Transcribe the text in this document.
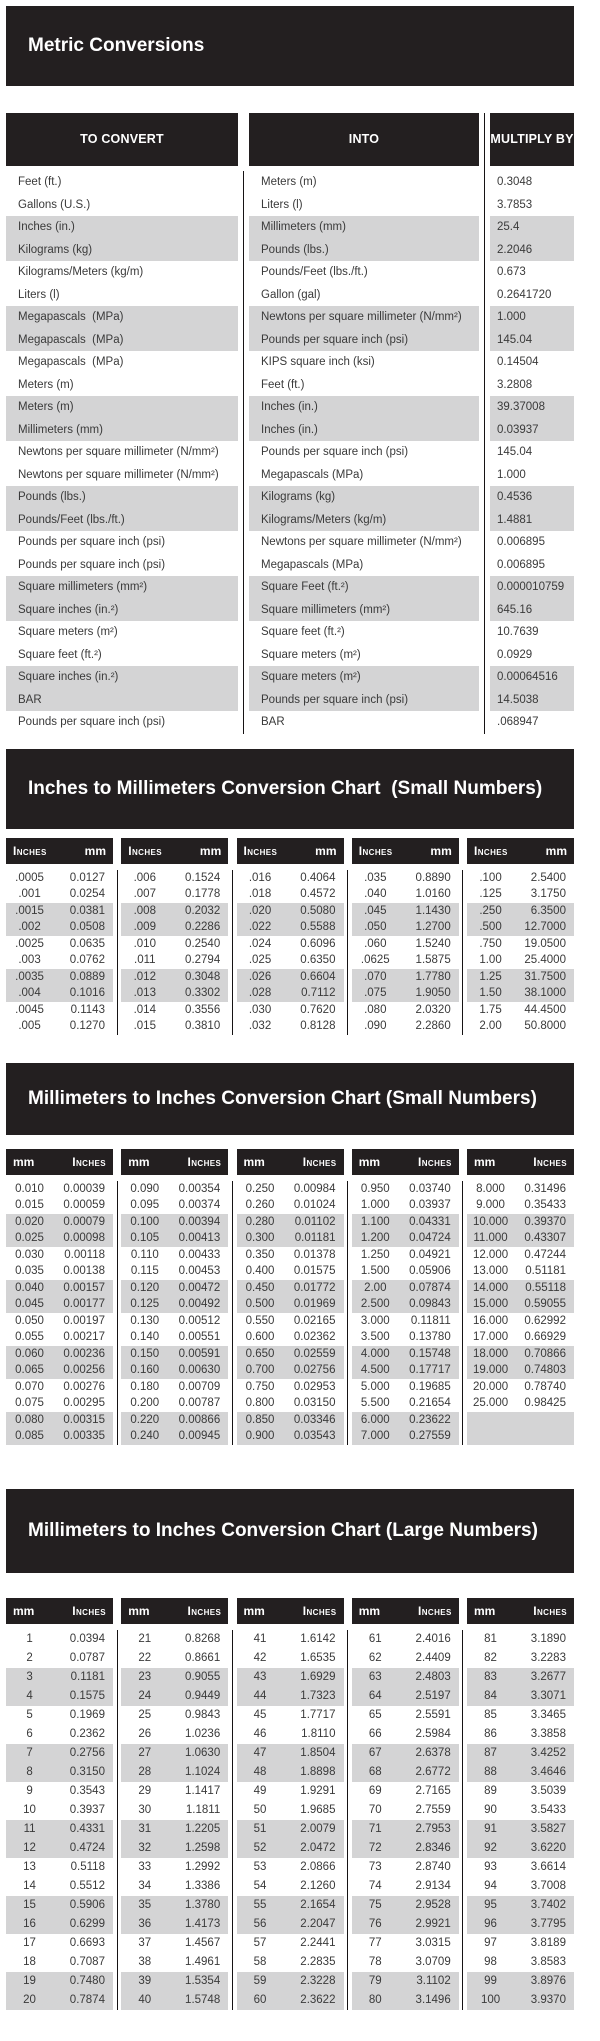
Metric Conversions
TO CONVERT	INTO	MULTIPLY BY
Feet (ft.)	Meters (m)	0.3048
Gallons (U.S.)	Liters (l)	3.7853
Inches (in.)	Millimeters (mm)	25.4
Kilograms (kg)	Pounds (lbs.)	2.2046
Kilograms/Meters (kg/m)	Pounds/Feet (lbs./ft.)	0.673
Liters (l)	Gallon (gal)	0.2641720
Megapascals  (MPa)	Newtons per square millimeter (N/mm²)	1.000
Megapascals  (MPa)	Pounds per square inch (psi)	145.04
Megapascals  (MPa)	KIPS square inch (ksi)	0.14504
Meters (m)	Feet (ft.)	3.2808
Meters (m)	Inches (in.)	39.37008
Millimeters (mm)	Inches (in.)	0.03937
Newtons per square millimeter (N/mm²)	Pounds per square inch (psi)	145.04
Newtons per square millimeter (N/mm²)	Megapascals (MPa)	1.000
Pounds (lbs.)	Kilograms (kg)	0.4536
Pounds/Feet (lbs./ft.)	Kilograms/Meters (kg/m)	1.4881
Pounds per square inch (psi)	Newtons per square millimeter (N/mm²)	0.006895
Pounds per square inch (psi)	Megapascals (MPa)	0.006895
Square millimeters (mm²)	Square Feet (ft.²)	0.000010759
Square inches (in.²)	Square millimeters (mm²)	645.16
Square meters (m²)	Square feet (ft.²)	10.7639
Square feet (ft.²)	Square meters (m²)	0.0929
Square inches (in.²)	Square meters (m²)	0.00064516
BAR	Pounds per square inch (psi)	14.5038
Pounds per square inch (psi)	BAR	.068947
Inches to Millimeters Conversion Chart  (Small Numbers)
Inches	mm
.0005	0.0127
.001	0.0254
.0015	0.0381
.002	0.0508
.0025	0.0635
.003	0.0762
.0035	0.0889
.004	0.1016
.0045	0.1143
.005	0.1270
Inches	mm
.006	0.1524
.007	0.1778
.008	0.2032
.009	0.2286
.010	0.2540
.011	0.2794
.012	0.3048
.013	0.3302
.014	0.3556
.015	0.3810
Inches	mm
.016	0.4064
.018	0.4572
.020	0.5080
.022	0.5588
.024	0.6096
.025	0.6350
.026	0.6604
.028	0.7112
.030	0.7620
.032	0.8128
Inches	mm
.035	0.8890
.040	1.0160
.045	1.1430
.050	1.2700
.060	1.5240
.0625	1.5875
.070	1.7780
.075	1.9050
.080	2.0320
.090	2.2860
Inches	mm
.100	2.5400
.125	3.1750
.250	6.3500
.500	12.7000
.750	19.0500
1.00	25.4000
1.25	31.7500
1.50	38.1000
1.75	44.4500
2.00	50.8000
Millimeters to Inches Conversion Chart (Small Numbers)
mm	Inches
0.010	0.00039
0.015	0.00059
0.020	0.00079
0.025	0.00098
0.030	0.00118
0.035	0.00138
0.040	0.00157
0.045	0.00177
0.050	0.00197
0.055	0.00217
0.060	0.00236
0.065	0.00256
0.070	0.00276
0.075	0.00295
0.080	0.00315
0.085	0.00335
mm	Inches
0.090	0.00354
0.095	0.00374
0.100	0.00394
0.105	0.00413
0.110	0.00433
0.115	0.00453
0.120	0.00472
0.125	0.00492
0.130	0.00512
0.140	0.00551
0.150	0.00591
0.160	0.00630
0.180	0.00709
0.200	0.00787
0.220	0.00866
0.240	0.00945
mm	Inches
0.250	0.00984
0.260	0.01024
0.280	0.01102
0.300	0.01181
0.350	0.01378
0.400	0.01575
0.450	0.01772
0.500	0.01969
0.550	0.02165
0.600	0.02362
0.650	0.02559
0.700	0.02756
0.750	0.02953
0.800	0.03150
0.850	0.03346
0.900	0.03543
mm	Inches
0.950	0.03740
1.000	0.03937
1.100	0.04331
1.200	0.04724
1.250	0.04921
1.500	0.05906
2.00	0.07874
2.500	0.09843
3.000	0.11811
3.500	0.13780
4.000	0.15748
4.500	0.17717
5.000	0.19685
5.500	0.21654
6.000	0.23622
7.000	0.27559
mm	Inches
8.000	0.31496
9.000	0.35433
10.000	0.39370
11.000	0.43307
12.000	0.47244
13.000	0.51181
14.000	0.55118
15.000	0.59055
16.000	0.62992
17.000	0.66929
18.000	0.70866
19.000	0.74803
20.000	0.78740
25.000	0.98425
Millimeters to Inches Conversion Chart (Large Numbers)
mm	Inches
1	0.0394
2	0.0787
3	0.1181
4	0.1575
5	0.1969
6	0.2362
7	0.2756
8	0.3150
9	0.3543
10	0.3937
11	0.4331
12	0.4724
13	0.5118
14	0.5512
15	0.5906
16	0.6299
17	0.6693
18	0.7087
19	0.7480
20	0.7874
mm	Inches
21	0.8268
22	0.8661
23	0.9055
24	0.9449
25	0.9843
26	1.0236
27	1.0630
28	1.1024
29	1.1417
30	1.1811
31	1.2205
32	1.2598
33	1.2992
34	1.3386
35	1.3780
36	1.4173
37	1.4567
38	1.4961
39	1.5354
40	1.5748
mm	Inches
41	1.6142
42	1.6535
43	1.6929
44	1.7323
45	1.7717
46	1.8110
47	1.8504
48	1.8898
49	1.9291
50	1.9685
51	2.0079
52	2.0472
53	2.0866
54	2.1260
55	2.1654
56	2.2047
57	2.2441
58	2.2835
59	2.3228
60	2.3622
mm	Inches
61	2.4016
62	2.4409
63	2.4803
64	2.5197
65	2.5591
66	2.5984
67	2.6378
68	2.6772
69	2.7165
70	2.7559
71	2.7953
72	2.8346
73	2.8740
74	2.9134
75	2.9528
76	2.9921
77	3.0315
78	3.0709
79	3.1102
80	3.1496
mm	Inches
81	3.1890
82	3.2283
83	3.2677
84	3.3071
85	3.3465
86	3.3858
87	3.4252
88	3.4646
89	3.5039
90	3.5433
91	3.5827
92	3.6220
93	3.6614
94	3.7008
95	3.7402
96	3.7795
97	3.8189
98	3.8583
99	3.8976
100	3.9370
